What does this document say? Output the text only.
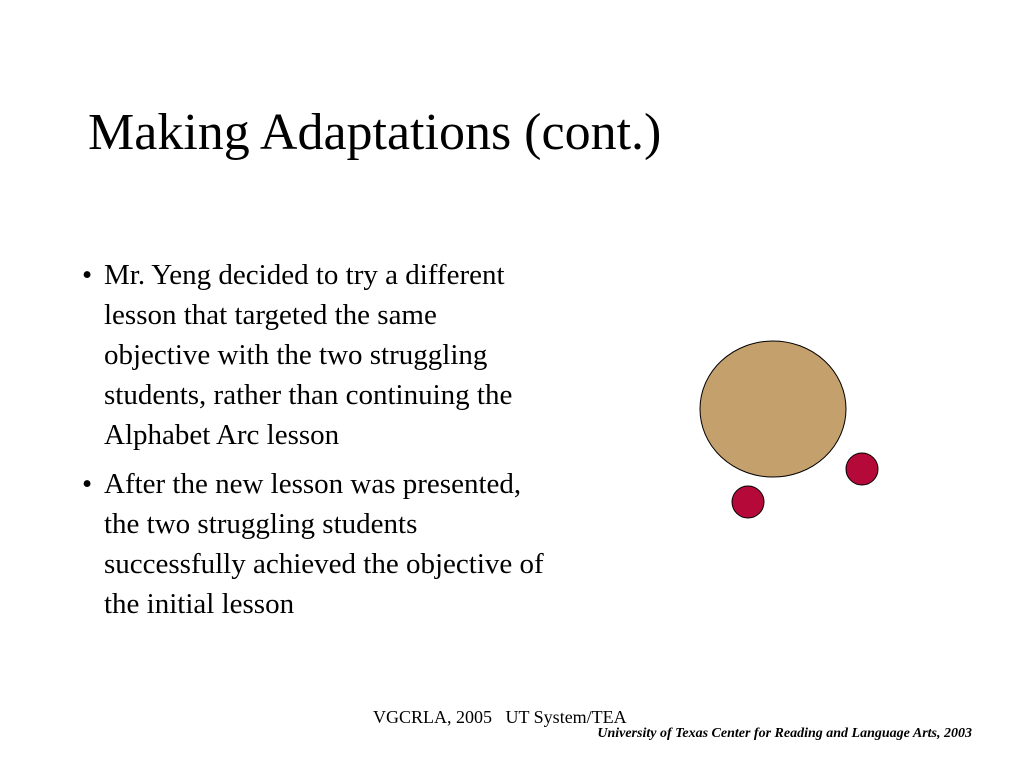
Making Adaptations (cont.)
• Mr. Yeng decided to try a different lesson that targeted the same objective with the two struggling students, rather than continuing the Alphabet Arc lesson
• After the new lesson was presented, the two struggling students successfully achieved the objective of the initial lesson
VGCRLA, 2005   UT System/TEA
University of Texas Center for Reading and Language Arts, 2003
